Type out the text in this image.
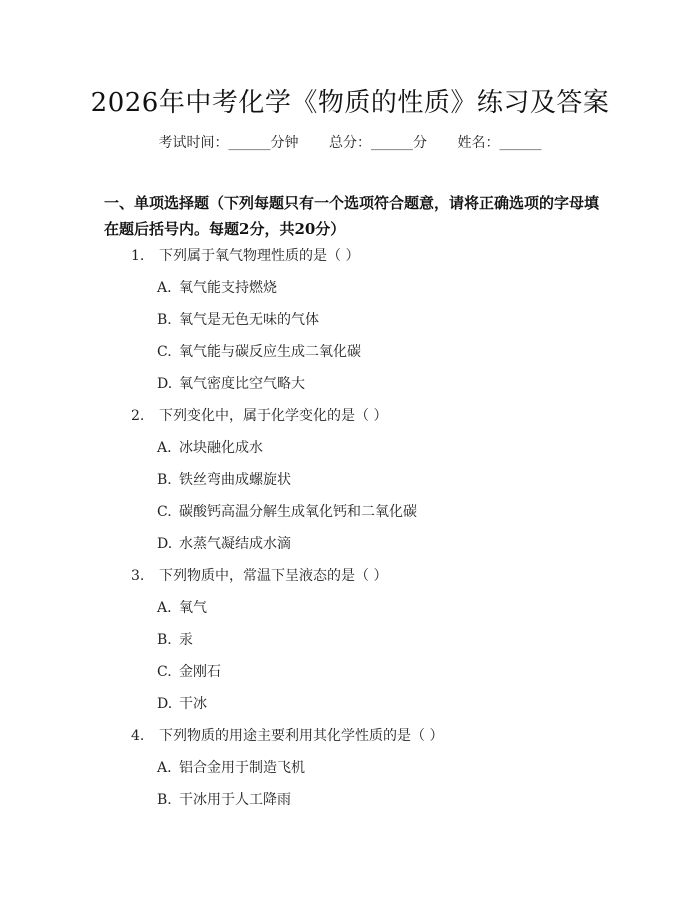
2026年中考化学《物质的性质》练习及答案
考试时间：______分钟 总分：______分 姓名：______
一、单项选择题（下列每题只有一个选项符合题意，请将正确选项的字母填在题后括号内。每题2分，共20分）
1. 下列属于氧气物理性质的是（ ）
A. 氧气能支持燃烧
B. 氧气是无色无味的气体
C. 氧气能与碳反应生成二氧化碳
D. 氧气密度比空气略大
2. 下列变化中，属于化学变化的是（ ）
A. 冰块融化成水
B. 铁丝弯曲成螺旋状
C. 碳酸钙高温分解生成氧化钙和二氧化碳
D. 水蒸气凝结成水滴
3. 下列物质中，常温下呈液态的是（ ）
A. 氧气
B. 汞
C. 金刚石
D. 干冰
4. 下列物质的用途主要利用其化学性质的是（ ）
A. 铝合金用于制造飞机
B. 干冰用于人工降雨
